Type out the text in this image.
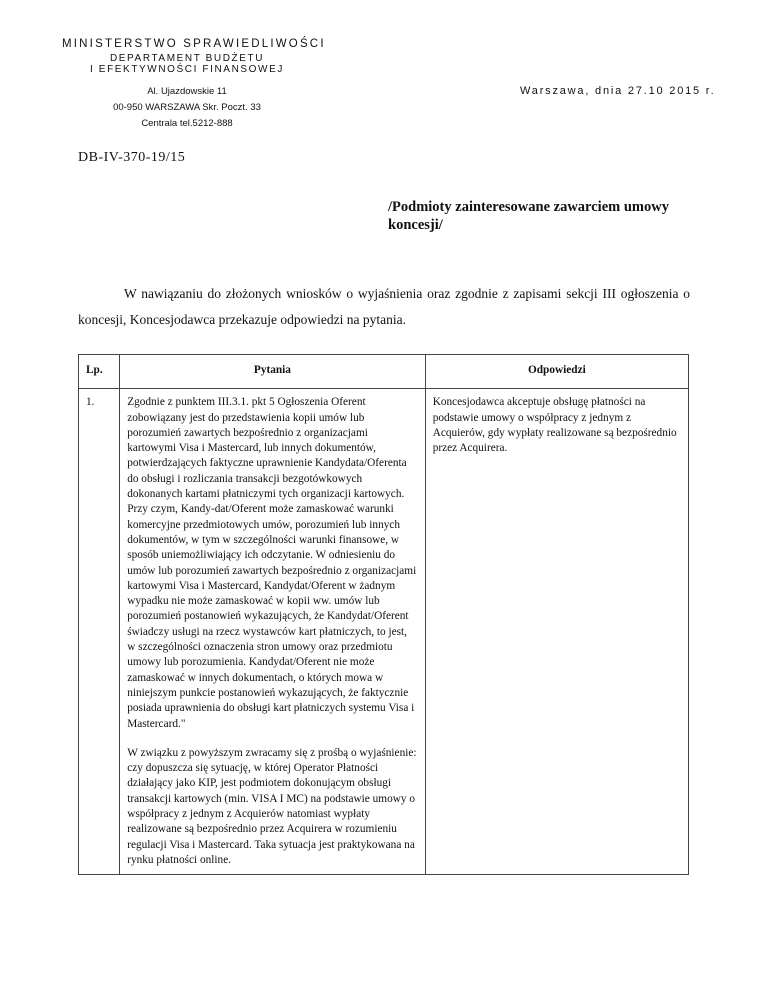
MINISTERSTWO SPRAWIEDLIWOŚCI
DEPARTAMENT BUDŻETU
I EFEKTYWNOŚCI FINANSOWEJ
Al. Ujazdowskie 11
00-950 WARSZAWA Skr. Poczt. 33
Centrala tel.5212-888
Warszawa, dnia 27.10 2015 r.
DB-IV-370-19/15
/Podmioty zainteresowane zawarciem umowy koncesji/
W nawiązaniu do złożonych wniosków o wyjaśnienia oraz zgodnie z zapisami sekcji III ogłoszenia o koncesji, Koncesjodawca przekazuje odpowiedzi na pytania.
Lp.	Pytania	Odpowiedzi
1.	Zgodnie z punktem III.3.1. pkt 5 Ogłoszenia Oferent zobowiązany jest do przedstawienia kopii umów lub porozumień zawartych bezpośrednio z organizacjami kartowymi Visa i Mastercard, lub innych dokumentów, potwierdzających faktyczne uprawnienie Kandydata/Oferenta do obsługi i rozliczania transakcji bezgotówkowych dokonanych kartami płatniczymi tych organizacji kartowych. Przy czym, Kandy-dat/Oferent może zamaskować warunki komercyjne przedmiotowych umów, porozumień lub innych dokumentów, w tym w szczególności warunki finansowe, w sposób uniemożliwiający ich odczytanie. W odniesieniu do umów lub porozumień zawartych bezpośrednio z organizacjami kartowymi Visa i Mastercard, Kandydat/Oferent w żadnym wypadku nie może zamaskować w kopii ww. umów lub porozumień postanowień wykazujących, że Kandydat/Oferent świadczy usługi na rzecz wystawców kart płatniczych, to jest, w szczególności oznaczenia stron umowy oraz przedmiotu umowy lub porozumienia. Kandydat/Oferent nie może zamaskować w innych dokumentach, o których mowa w niniejszym punkcie postanowień wykazujących, że faktycznie posiada uprawnienia do obsługi kart płatniczych systemu Visa i Mastercard."

W związku z powyższym zwracamy się z prośbą o wyjaśnienie: czy dopuszcza się sytuację, w której Operator Płatności działający jako KIP, jest podmiotem dokonującym obsługi transakcji kartowych (min. VISA I MC) na podstawie umowy o współpracy z jednym z Acquierów natomiast wypłaty realizowane są bezpośrednio przez Acquirera w rozumieniu regulacji Visa i Mastercard. Taka sytuacja jest praktykowana na rynku płatności online.	Koncesjodawca akceptuje obsługę płatności na podstawie umowy o współpracy z jednym z Acquierów, gdy wypłaty realizowane są bezpośrednio przez Acquirera.
